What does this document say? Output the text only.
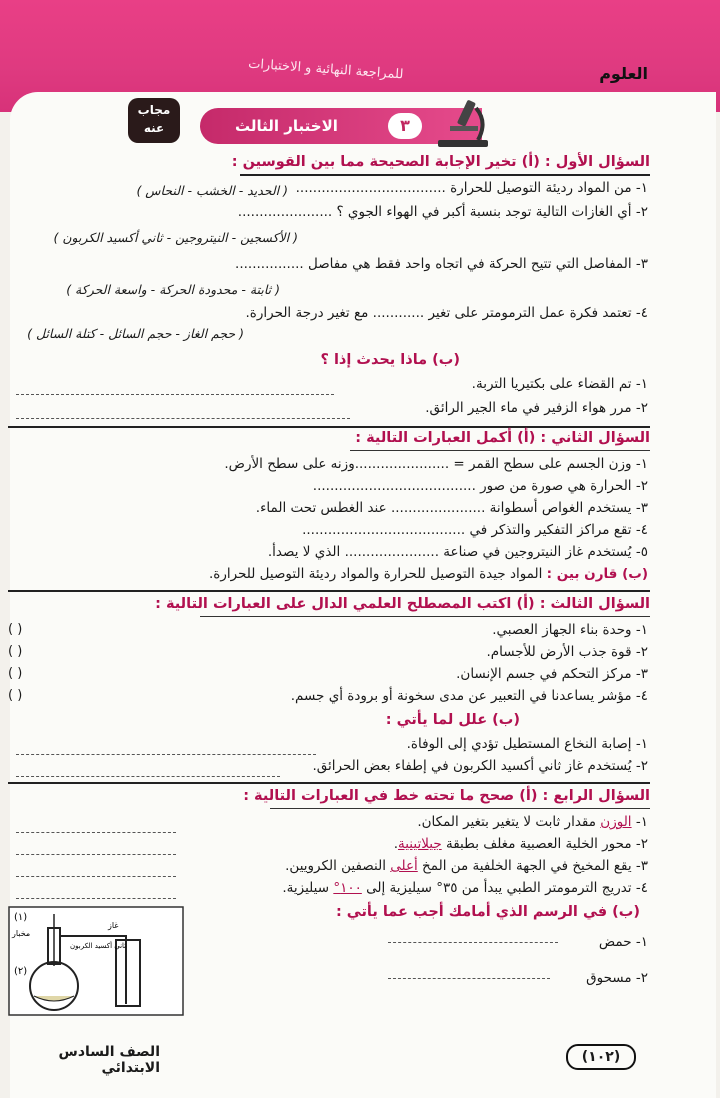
للمراجعة النهائية و الاختبارات	العلوم
الاختبار الثالث	٣
مجاب
عنه
السؤال الأول : (أ) تخير الإجابة الصحيحة مما بين القوسين :
١- من المواد رديئة التوصيل للحرارة ...................................
( الحديد - الخشب - النحاس )
٢- أي الغازات التالية توجد بنسبة أكبر في الهواء الجوي ؟ ......................
( الأكسجين - النيتروجين - ثاني أكسيد الكربون )
٣- المفاصل التي تتيح الحركة في اتجاه واحد فقط هي مفاصل ................
( ثابتة - محدودة الحركة - واسعة الحركة )
٤- تعتمد فكرة عمل الترمومتر على تغير ............ مع تغير درجة الحرارة.
( حجم الغاز - حجم السائل - كتلة السائل )
(ب) ماذا يحدث إذا ؟
١- تم القضاء على بكتيريا التربة.
٢- مرر هواء الزفير في ماء الجير الرائق.
السؤال الثاني : (أ) أكمل العبارات التالية :
١- وزن الجسم على سطح القمر = ......................وزنه على سطح الأرض.
٢- الحرارة هي صورة من صور ......................................
٣- يستخدم الغواص أسطوانة ...................... عند الغطس تحت الماء.
٤- تقع مراكز التفكير والتذكر في ......................................
٥- يُستخدم غاز النيتروجين في صناعة ...................... الذي لا يصدأ.
(ب) قارن بين : المواد جيدة التوصيل للحرارة والمواد رديئة التوصيل للحرارة.
السؤال الثالث : (أ) اكتب المصطلح العلمي الدال على العبارات التالية :
١- وحدة بناء الجهاز العصبي.
( )
٢- قوة جذب الأرض للأجسام.
( )
٣- مركز التحكم في جسم الإنسان.
( )
٤- مؤشر يساعدنا في التعبير عن مدى سخونة أو برودة أي جسم.
( )
(ب) علل لما يأتي :
١- إصابة النخاع المستطيل تؤدي إلى الوفاة.
٢- يُستخدم غاز ثاني أكسيد الكربون في إطفاء بعض الحرائق.
السؤال الرابع : (أ) صحح ما تحته خط في العبارات التالية :
١- الوزن مقدار ثابت لا يتغير بتغير المكان.
٢- محور الخلية العصبية مغلف بطبقة جيلاتينية.
٣- يقع المخيخ في الجهة الخلفية من المخ أعلى النصفين الكرويين.
٤- تدريج الترمومتر الطبي يبدأ من ٣٥° سيليزية إلى ١٠٠° سيليزية.
(ب) في الرسم الذي أمامك أجب عما يأتي :
١- حمض
٢- مسحوق
(١)
(٢)
غاز
ثاني أكسيد الكربون
مخبار
(١٠٢)
الصف السادس الابتدائي
